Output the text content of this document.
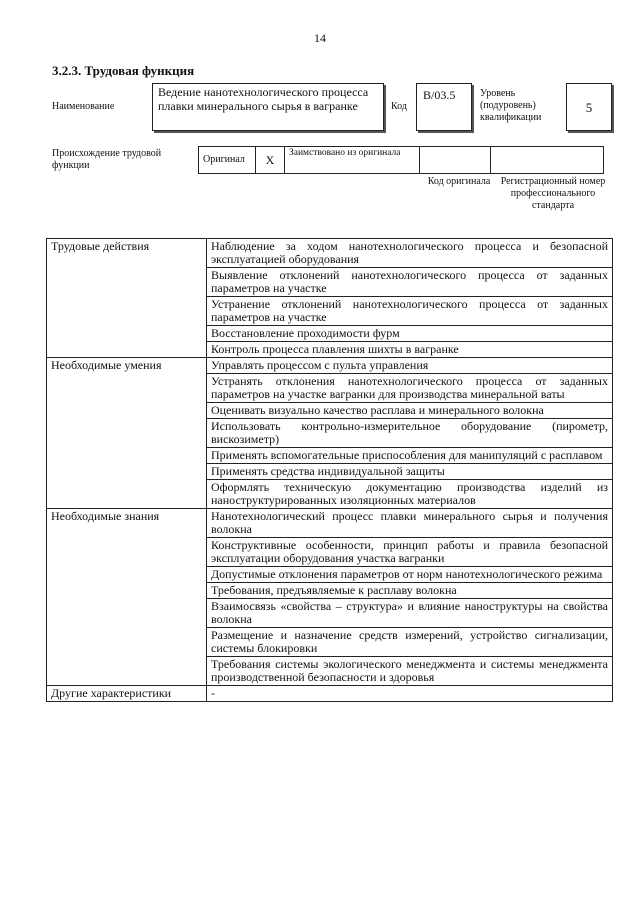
14
3.2.3. Трудовая функция
Наименование
Ведение нанотехнологического процесса плавки минерального сырья в вагранке	Код
В/03.5	Уровень (подуровень) квалификации
5
Происхождение трудовой функции
Оригинал	X	Заимствовано из оригинала
Код оригинала	Регистрационный номер профессионального стандарта
Трудовые действия	Наблюдение за ходом нанотехнологического процесса и безопасной эксплуатацией оборудования
	Выявление отклонений нанотехнологического процесса от заданных параметров на участке
	Устранение отклонений нанотехнологического процесса от заданных параметров на участке
	Восстановление проходимости фурм
	Контроль процесса плавления шихты в вагранке
Необходимые умения	Управлять процессом с пульта управления
	Устранять отклонения нанотехнологического процесса от заданных параметров на участке вагранки для производства минеральной ваты
	Оценивать визуально качество расплава и минерального волокна
	Использовать контрольно-измерительное оборудование (пирометр, вискозиметр)
	Применять вспомогательные приспособления для манипуляций с расплавом
	Применять средства индивидуальной защиты
	Оформлять техническую документацию производства изделий из наноструктурированных изоляционных материалов
Необходимые знания	Нанотехнологический процесс плавки минерального сырья и получения волокна
	Конструктивные особенности, принцип работы и правила безопасной эксплуатации оборудования участка вагранки
	Допустимые отклонения параметров от норм нанотехнологического режима
	Требования, предъявляемые к расплаву волокна
	Взаимосвязь «свойства – структура» и влияние наноструктуры на свойства волокна
	Размещение и назначение средств измерений, устройство сигнализации, системы блокировки
	Требования системы экологического менеджмента и системы менеджмента производственной безопасности и здоровья
Другие характеристики	-
